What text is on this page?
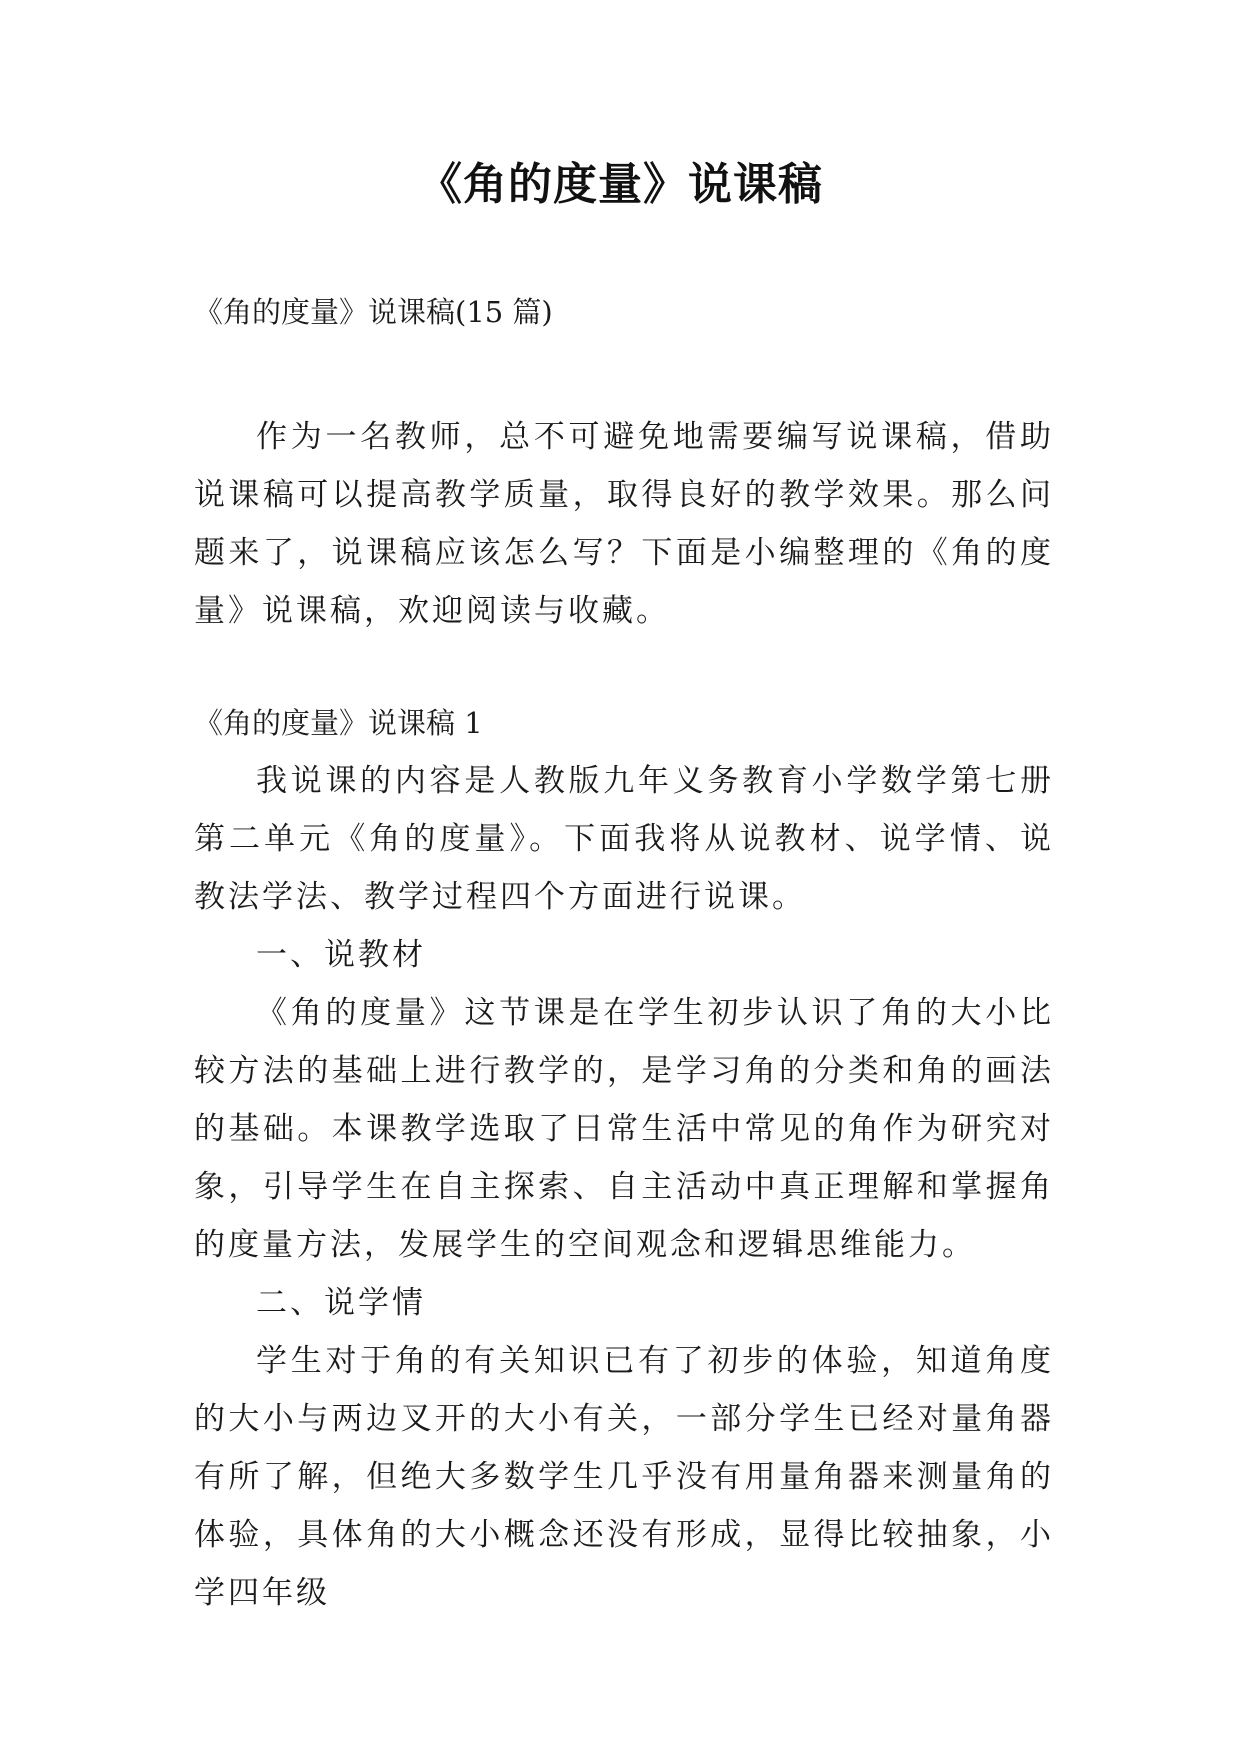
《角的度量》说课稿
《角的度量》说课稿(15 篇)
作为一名教师，总不可避免地需要编写说课稿，借助说课稿可以提高教学质量，取得良好的教学效果。那么问题来了，说课稿应该怎么写？下面是小编整理的《角的度量》说课稿，欢迎阅读与收藏。
《角的度量》说课稿 1

我说课的内容是人教版九年义务教育小学数学第七册第二单元《角的度量》。下面我将从说教材、说学情、说教法学法、教学过程四个方面进行说课。

一、说教材

《角的度量》这节课是在学生初步认识了角的大小比较方法的基础上进行教学的，是学习角的分类和角的画法的基础。本课教学选取了日常生活中常见的角作为研究对象，引导学生在自主探索、自主活动中真正理解和掌握角的度量方法，发展学生的空间观念和逻辑思维能力。

二、说学情

学生对于角的有关知识已有了初步的体验，知道角度的大小与两边叉开的大小有关，一部分学生已经对量角器有所了解，但绝大多数学生几乎没有用量角器来测量角的体验，具体角的大小概念还没有形成，显得比较抽象，小学四年级
